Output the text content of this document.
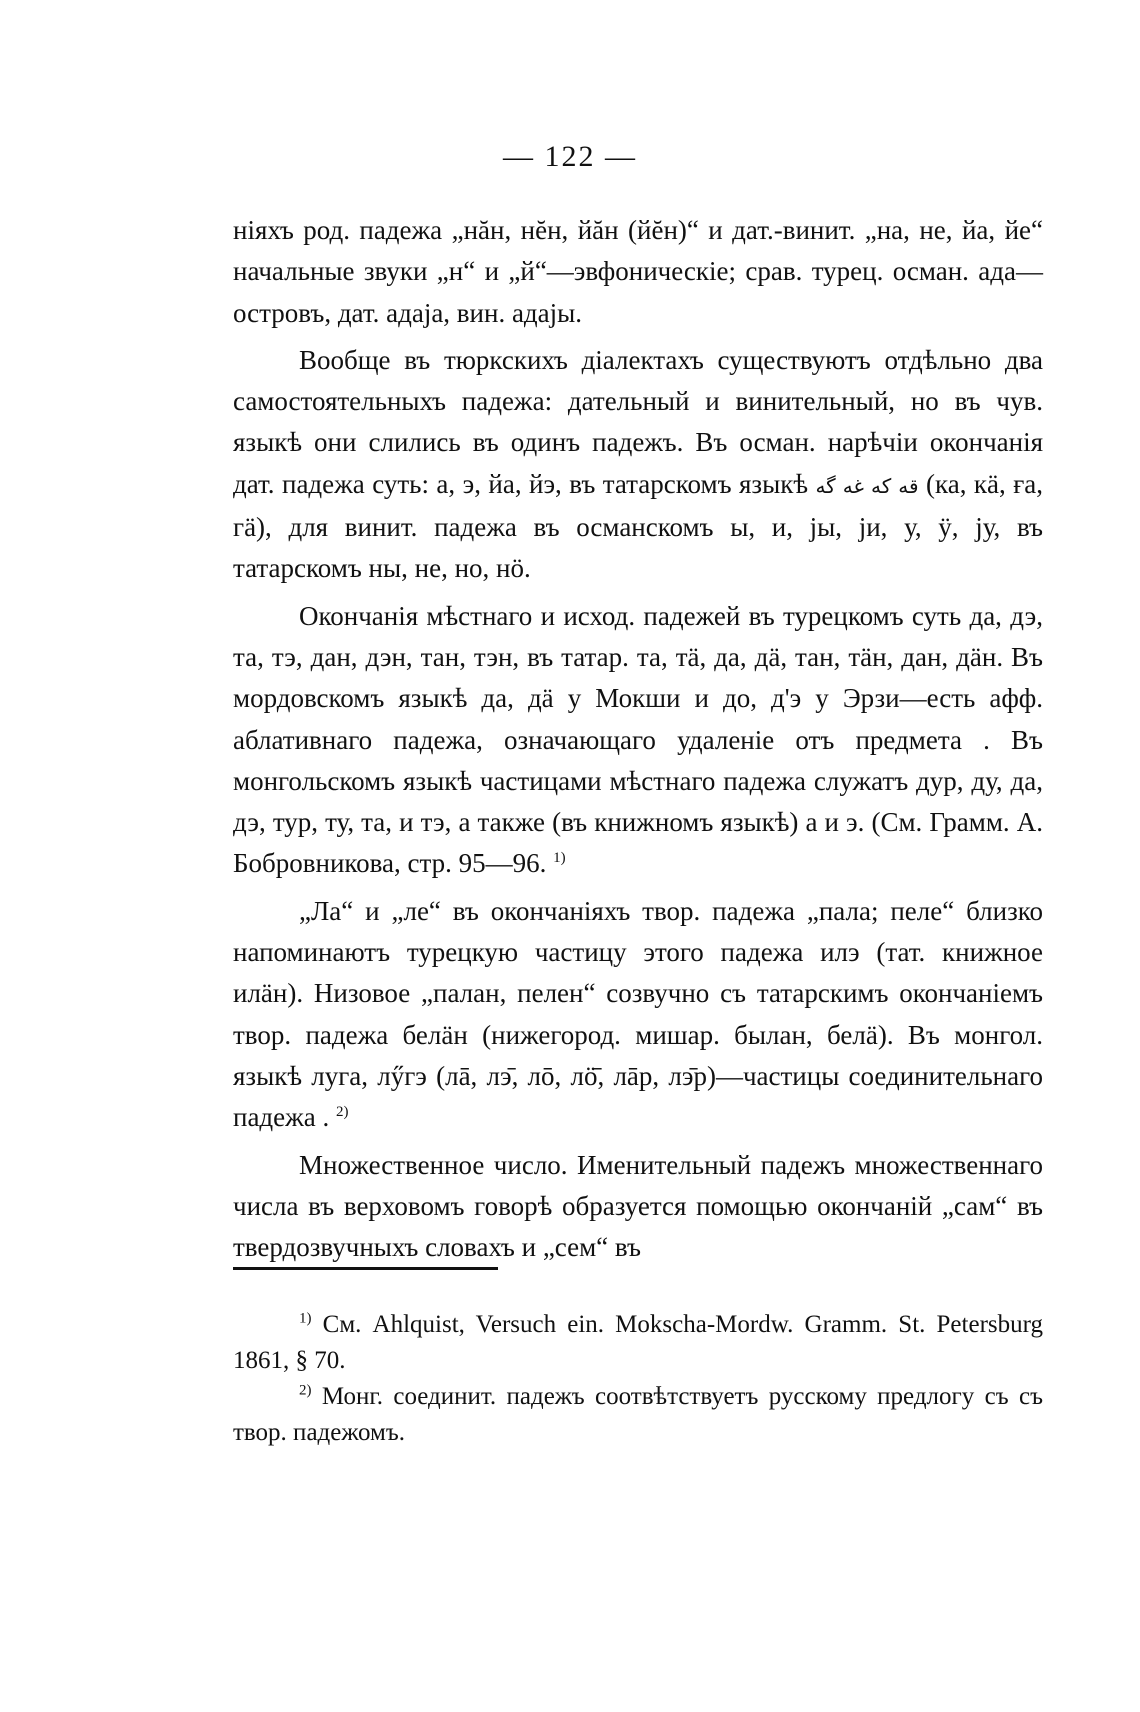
— 122 —

ніяхъ род. падежа „нăн, нĕн, йăн (йĕн)“ и дат.-винит. „на, не, йа, йе“ начальные звуки „н“ и „й“—эвфоническіе; срав. турец. осман. ада—островъ, дат. адаја, вин. адајы.

Вообще въ тюркскихъ діалектахъ существуютъ отдѣльно два самостоятельныхъ падежа: дательный и винительный, но въ чув. языкѣ они слились въ одинъ падежъ. Въ осман. нарѣчіи окончанія дат. падежа суть: а, э, йа, йэ, въ татарскомъ языкѣ قه كه غه گه (ка, кä, ға, гä), для винит. падежа въ османскомъ ы, и, јы, ји, у, ÿ, ју, въ татарскомъ ны, не, но, нö.

Окончанія мѣстнаго и исход. падежей въ турецкомъ суть да, дэ, та, тэ, дан, дэн, тан, тэн, въ татар. та, тä, да, дä, тан, тäн, дан, дäн. Въ мордовскомъ языкѣ да, дä у Мокши и до, д'э у Эрзи—есть афф. аблативнаго падежа, означающаго удаленіе отъ предмета . Въ монгольскомъ языкѣ частицами мѣстнаго падежа служатъ дур, ду, да, дэ, тур, ту, та, и тэ, а также (въ книжномъ языкѣ) а и э. (См. Грамм. А. Бобровникова, стр. 95—96. $^{1)}$

„Ла“ и „ле“ въ окончаніяхъ твор. падежа „пала; пеле“ близко напоминаютъ турецкую частицу этого падежа илэ (тат. книжное илäн). Низовое „палан, пелен“ созвучно съ татарскимъ окончаніемъ твор. падежа белäн (нижегород. мишар. былан, белä). Въ монгол. языкѣ луга, лӳгэ (лā, лэ̄, лō, лӧ̄, лāр, лэ̄р)—частицы соединительнаго падежа . $^{2)}$

Множественное число. Именительный падежъ множественнаго числа въ верховомъ говорѣ образуется помощью окончаній „сам“ въ твердозвучныхъ словахъ и „сем“ въ

$^{1)}$ См. Ahlquist, Versuch ein. Mokscha-Mordw. Gramm. St. Petersburg 1861, § 70.

$^{2)}$ Монг. соединит. падежъ соотвѣтствуетъ русскому предлогу съ съ твор. падежомъ.
